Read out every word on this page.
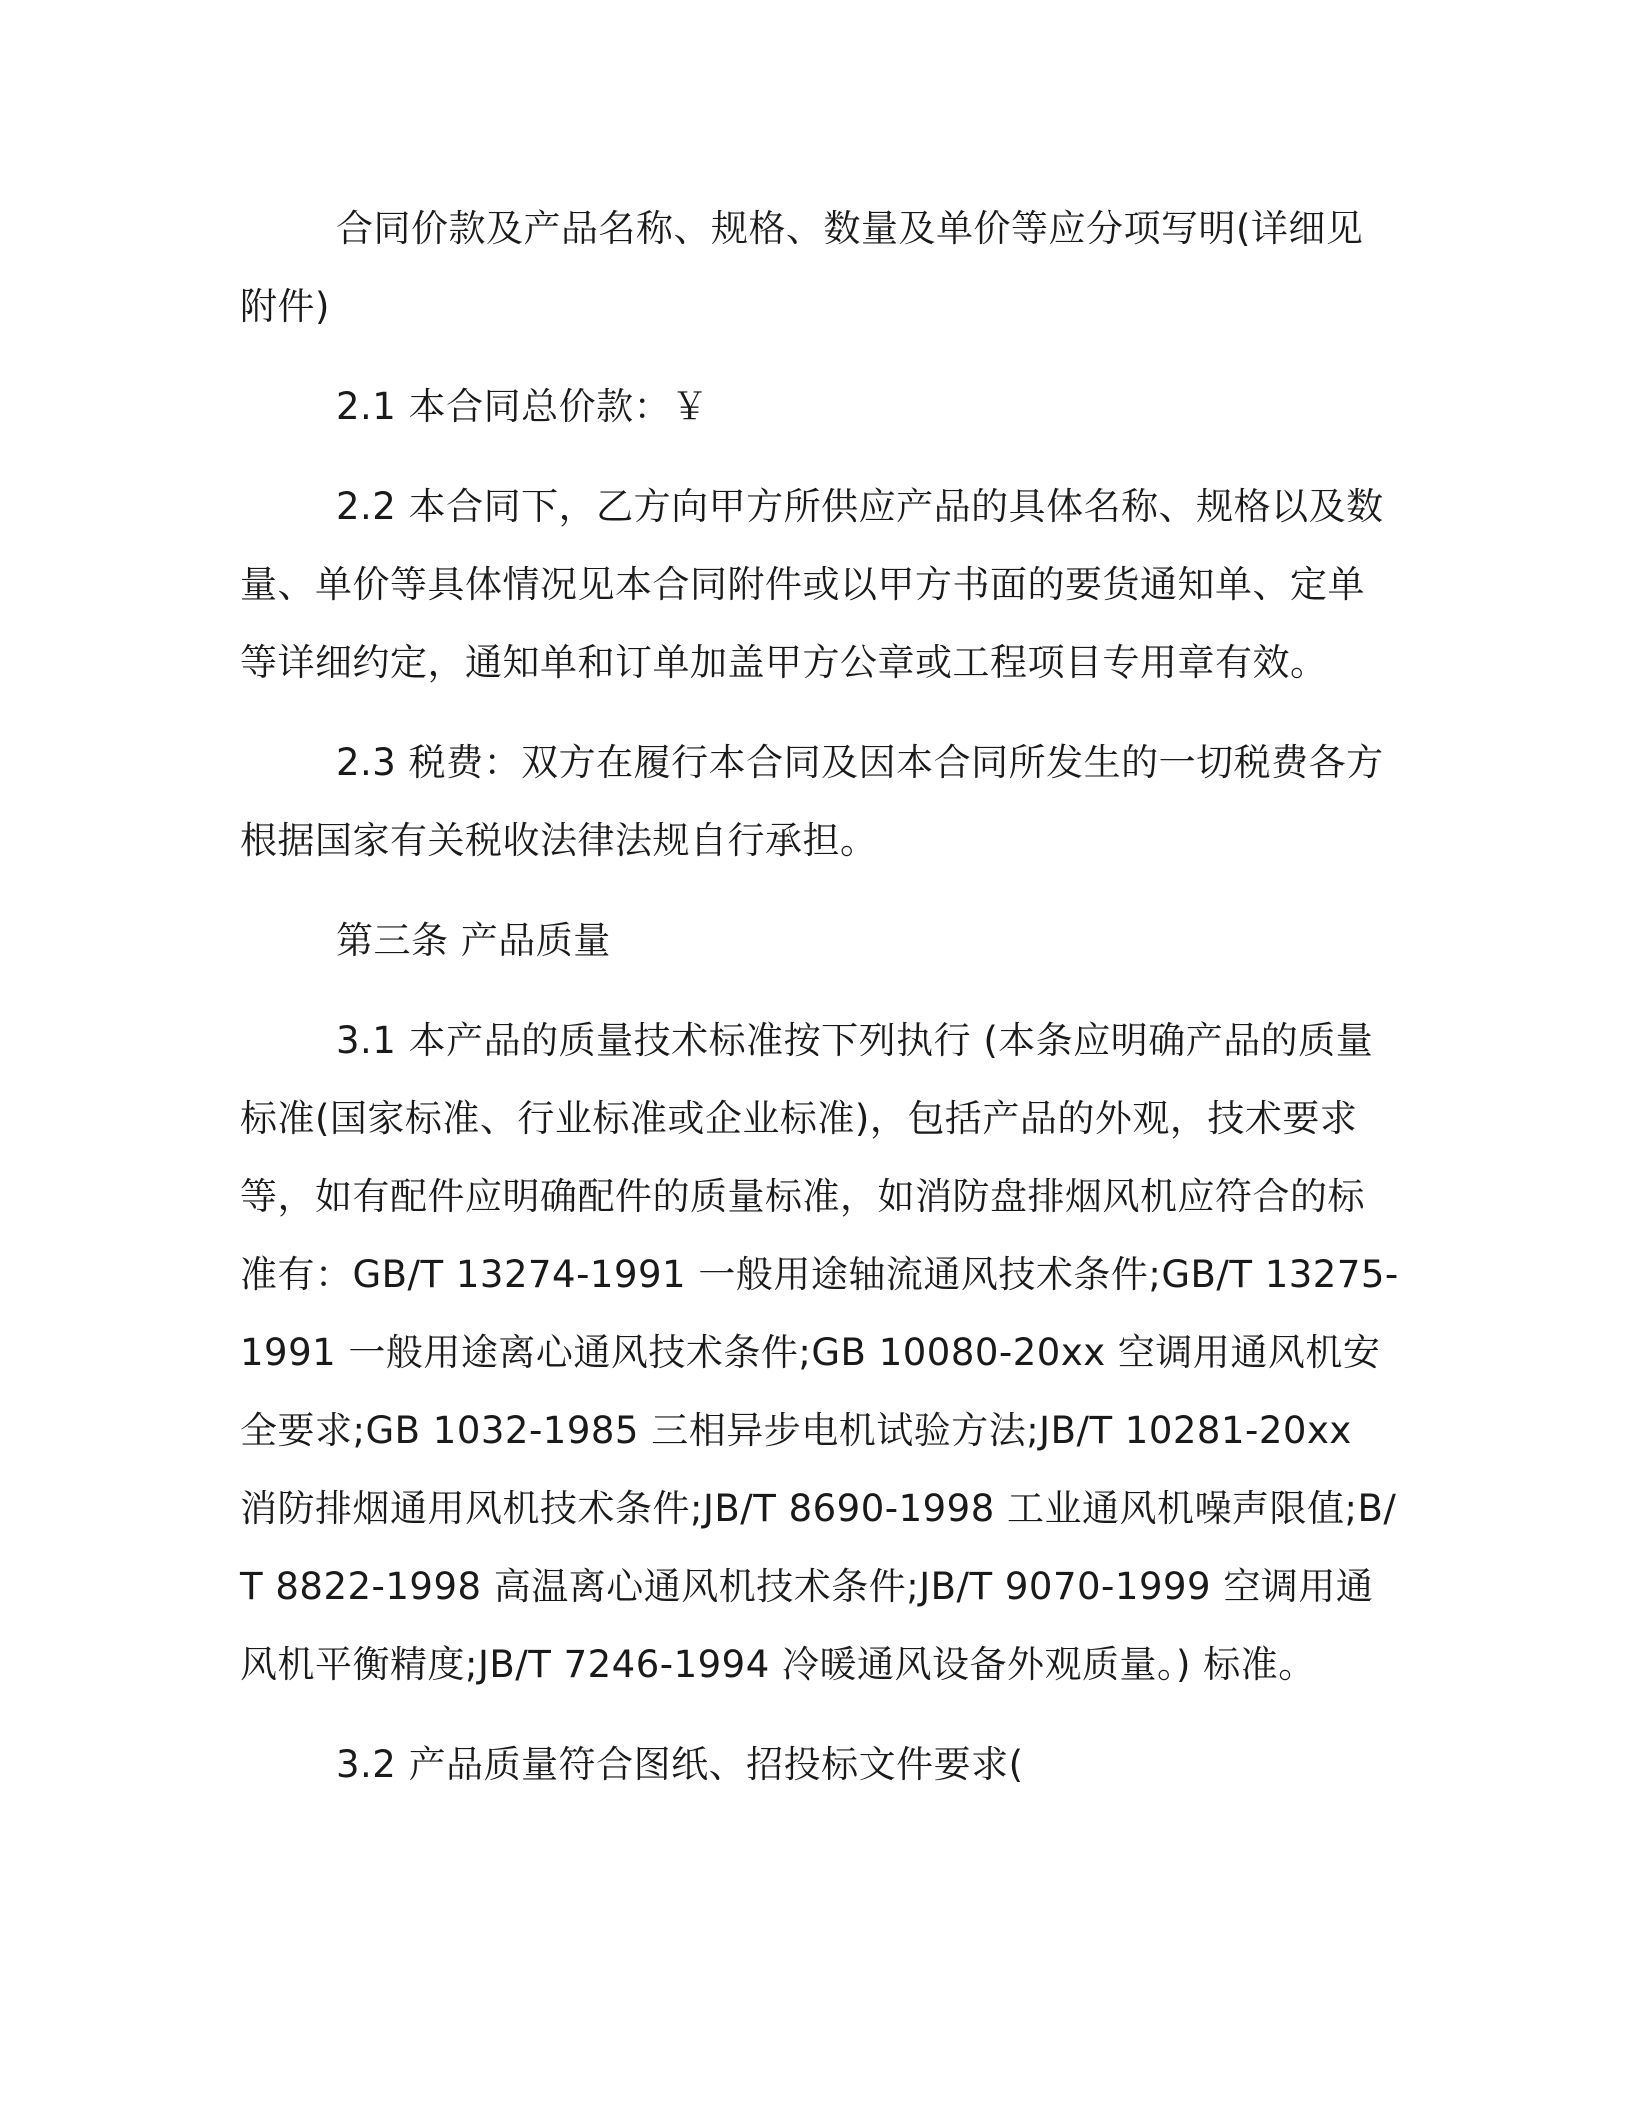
合同价款及产品名称、规格、数量及单价等应分项写明(详细见附件)

2.1 本合同总价款：￥

2.2 本合同下，乙方向甲方所供应产品的具体名称、规格以及数量、单价等具体情况见本合同附件或以甲方书面的要货通知单、定单等详细约定，通知单和订单加盖甲方公章或工程项目专用章有效。

2.3 税费：双方在履行本合同及因本合同所发生的一切税费各方根据国家有关税收法律法规自行承担。

第三条 产品质量

3.1 本产品的质量技术标准按下列执行 (本条应明确产品的质量标准(国家标准、行业标准或企业标准)，包括产品的外观，技术要求等，如有配件应明确配件的质量标准，如消防盘排烟风机应符合的标准有：GB/T 13274-1991 一般用途轴流通风技术条件;GB/T 13275-1991 一般用途离心通风技术条件;GB 10080-20xx 空调用通风机安全要求;GB 1032-1985 三相异步电机试验方法;JB/T 10281-20xx 消防排烟通用风机技术条件;JB/T 8690-1998 工业通风机噪声限值;B/T 8822-1998 高温离心通风机技术条件;JB/T 9070-1999 空调用通风机平衡精度;JB/T 7246-1994 冷暖通风设备外观质量。) 标准。

3.2 产品质量符合图纸、招投标文件要求(
